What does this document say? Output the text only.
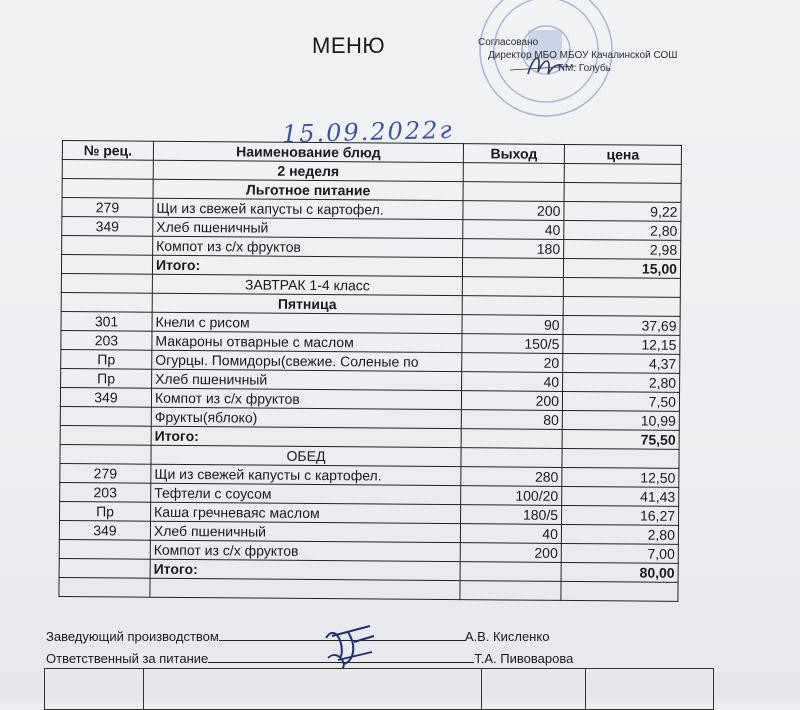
МЕНЮ	Согласовано
Директор МБО МБОУ Качалинской СОШ
Г.М. Голубь
15.09.2022г
№ рец.	Наименование блюд	Выход	цена
	2 неделя		
	Льготное питание		
279	Щи из свежей капусты с картофел.	200	9,22
349	Хлеб пшеничный	40	2,80
	Компот из с/х фруктов	180	2,98
	Итого:		15,00
	ЗАВТРАК 1-4 класс		
	Пятница		
301	Кнели с рисом	90	37,69
203	Макароны отварные с маслом	150/5	12,15
Пр	Огурцы. Помидоры(свежие. Соленые по	20	4,37
Пр	Хлеб пшеничный	40	2,80
349	Компот из с/х фруктов	200	7,50
	Фрукты(яблоко)	80	10,99
	Итого:		75,50
	ОБЕД		
279	Щи из свежей капусты с картофел.	280	12,50
203	Тефтели с соусом	100/20	41,43
Пр	Каша гречневаяс маслом	180/5	16,27
349	Хлеб пшеничный	40	2,80
	Компот из с/х фруктов	200	7,00
	Итого:		80,00

Заведующий производством	А.В. Кисленко
Ответственный за питание	Т.А. Пивоварова
